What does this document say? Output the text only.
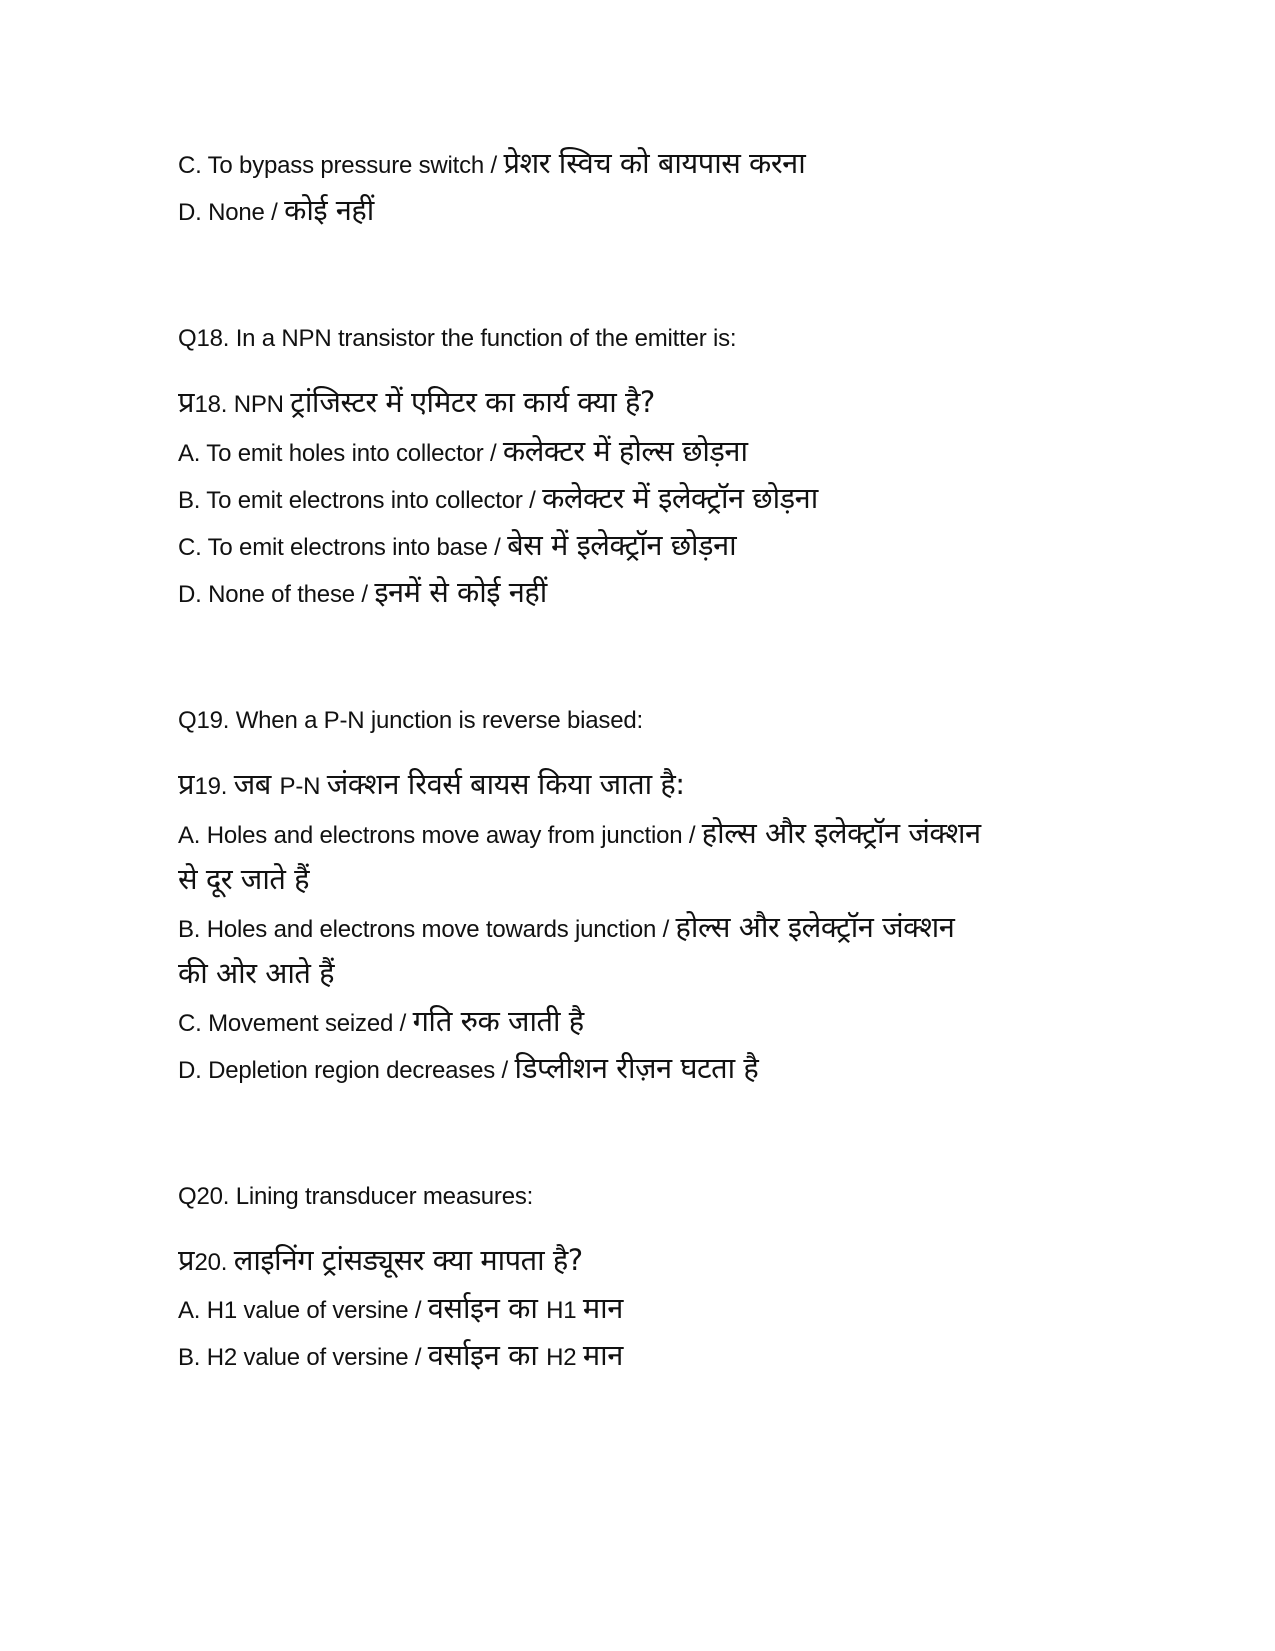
C. To bypass pressure switch / प्रेशर स्विच को बायपास करना
D. None / कोई नहीं
Q18. In a NPN transistor the function of the emitter is:
प्र18. NPN ट्रांजिस्टर में एमिटर का कार्य क्या है?
A. To emit holes into collector / कलेक्टर में होल्स छोड़ना
B. To emit electrons into collector / कलेक्टर में इलेक्ट्रॉन छोड़ना
C. To emit electrons into base / बेस में इलेक्ट्रॉन छोड़ना
D. None of these / इनमें से कोई नहीं
Q19. When a P-N junction is reverse biased:
प्र19. जब P-N जंक्शन रिवर्स बायस किया जाता है:
A. Holes and electrons move away from junction / होल्स और इलेक्ट्रॉन जंक्शन
से दूर जाते हैं
B. Holes and electrons move towards junction / होल्स और इलेक्ट्रॉन जंक्शन
की ओर आते हैं
C. Movement seized / गति रुक जाती है
D. Depletion region decreases / डिप्लीशन रीज़न घटता है
Q20. Lining transducer measures:
प्र20. लाइनिंग ट्रांसड्यूसर क्या मापता है?
A. H1 value of versine / वर्साइन का H1 मान
B. H2 value of versine / वर्साइन का H2 मान
